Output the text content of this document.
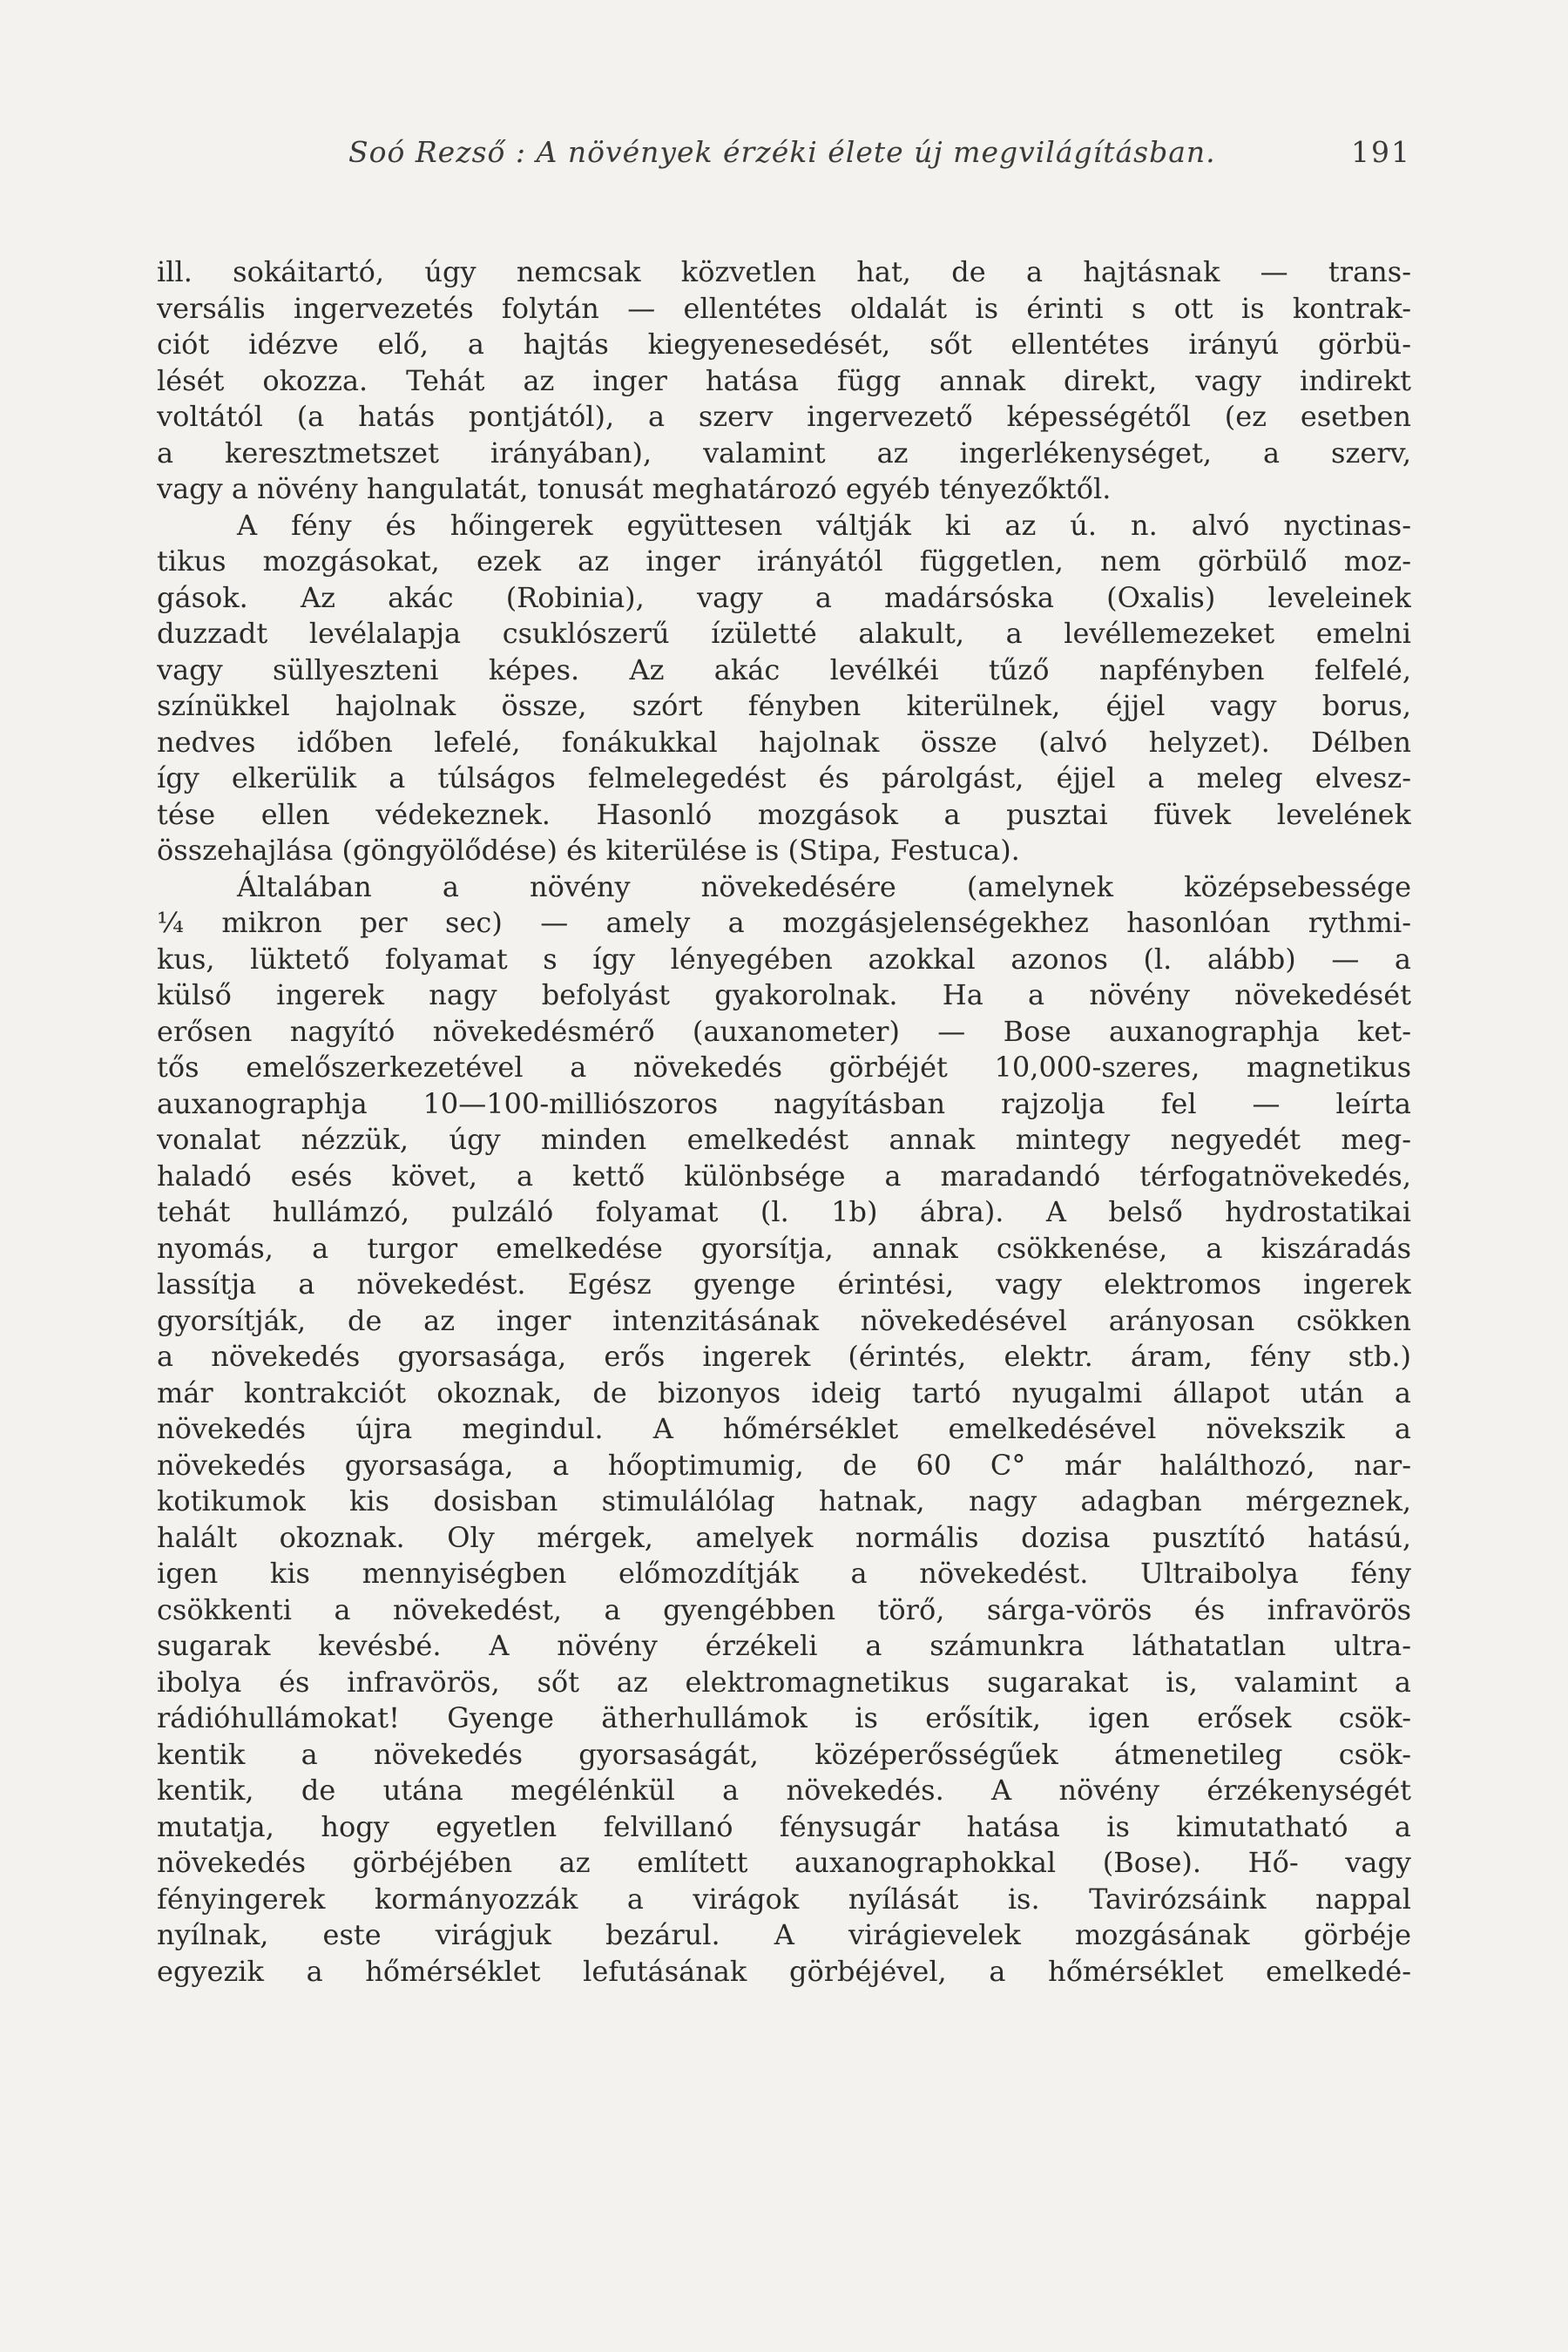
Soó Rezső : A növények érzéki élete új megvilágításban.	191
ill. sokáitartó, úgy nemcsak közvetlen hat, de a hajtásnak — trans-
versális ingervezetés folytán — ellentétes oldalát is érinti s ott is kontrak-
ciót idézve elő, a hajtás kiegyenesedését, sőt ellentétes irányú görbü-
lését okozza. Tehát az inger hatása függ annak direkt, vagy indirekt
voltától (a hatás pontjától), a szerv ingervezető képességétől (ez esetben
a keresztmetszet irányában), valamint az ingerlékenységet, a szerv,
vagy a növény hangulatát, tonusát meghatározó egyéb tényezőktől.
A fény és hőingerek együttesen váltják ki az ú. n. alvó nyctinas-
tikus mozgásokat, ezek az inger irányától független, nem görbülő moz-
gások. Az akác (Robinia), vagy a madársóska (Oxalis) leveleinek
duzzadt levélalapja csuklószerű ízületté alakult, a levéllemezeket emelni
vagy süllyeszteni képes. Az akác levélkéi tűző napfényben felfelé,
színükkel hajolnak össze, szórt fényben kiterülnek, éjjel vagy borus,
nedves időben lefelé, fonákukkal hajolnak össze (alvó helyzet). Délben
így elkerülik a túlságos felmelegedést és párolgást, éjjel a meleg elvesz-
tése ellen védekeznek. Hasonló mozgások a pusztai füvek levelének
összehajlása (göngyölődése) és kiterülése is (Stipa, Festuca).
Általában a növény növekedésére (amelynek középsebessége
¼ mikron per sec) — amely a mozgásjelenségekhez hasonlóan rythmi-
kus, lüktető folyamat s így lényegében azokkal azonos (l. alább) — a
külső ingerek nagy befolyást gyakorolnak. Ha a növény növekedését
erősen nagyító növekedésmérő (auxanometer) — Bose auxanographja ket-
tős emelőszerkezetével a növekedés görbéjét 10,000-szeres, magnetikus
auxanographja 10—100-milliószoros nagyításban rajzolja fel — leírta
vonalat nézzük, úgy minden emelkedést annak mintegy negyedét meg-
haladó esés követ, a kettő különbsége a maradandó térfogatnövekedés,
tehát hullámzó, pulzáló folyamat (l. 1b) ábra). A belső hydrostatikai
nyomás, a turgor emelkedése gyorsítja, annak csökkenése, a kiszáradás
lassítja a növekedést. Egész gyenge érintési, vagy elektromos ingerek
gyorsítják, de az inger intenzitásának növekedésével arányosan csökken
a növekedés gyorsasága, erős ingerek (érintés, elektr. áram, fény stb.)
már kontrakciót okoznak, de bizonyos ideig tartó nyugalmi állapot után a
növekedés újra megindul. A hőmérséklet emelkedésével növekszik a
növekedés gyorsasága, a hőoptimumig, de 60 C° már halálthozó, nar-
kotikumok kis dosisban stimulálólag hatnak, nagy adagban mérgeznek,
halált okoznak. Oly mérgek, amelyek normális dozisa pusztító hatású,
igen kis mennyiségben előmozdítják a növekedést. Ultraibolya fény
csökkenti a növekedést, a gyengébben törő, sárga-vörös és infravörös
sugarak kevésbé. A növény érzékeli a számunkra láthatatlan ultra-
ibolya és infravörös, sőt az elektromagnetikus sugarakat is, valamint a
rádióhullámokat! Gyenge ätherhullámok is erősítik, igen erősek csök-
kentik a növekedés gyorsaságát, középerősségűek átmenetileg csök-
kentik, de utána megélénkül a növekedés. A növény érzékenységét
mutatja, hogy egyetlen felvillanó fénysugár hatása is kimutatható a
növekedés görbéjében az említett auxanographokkal (Bose). Hő- vagy
fényingerek kormányozzák a virágok nyílását is. Tavirózsáink nappal
nyílnak, este virágjuk bezárul. A virágievelek mozgásának görbéje
egyezik a hőmérséklet lefutásának görbéjével, a hőmérséklet emelkedé-
